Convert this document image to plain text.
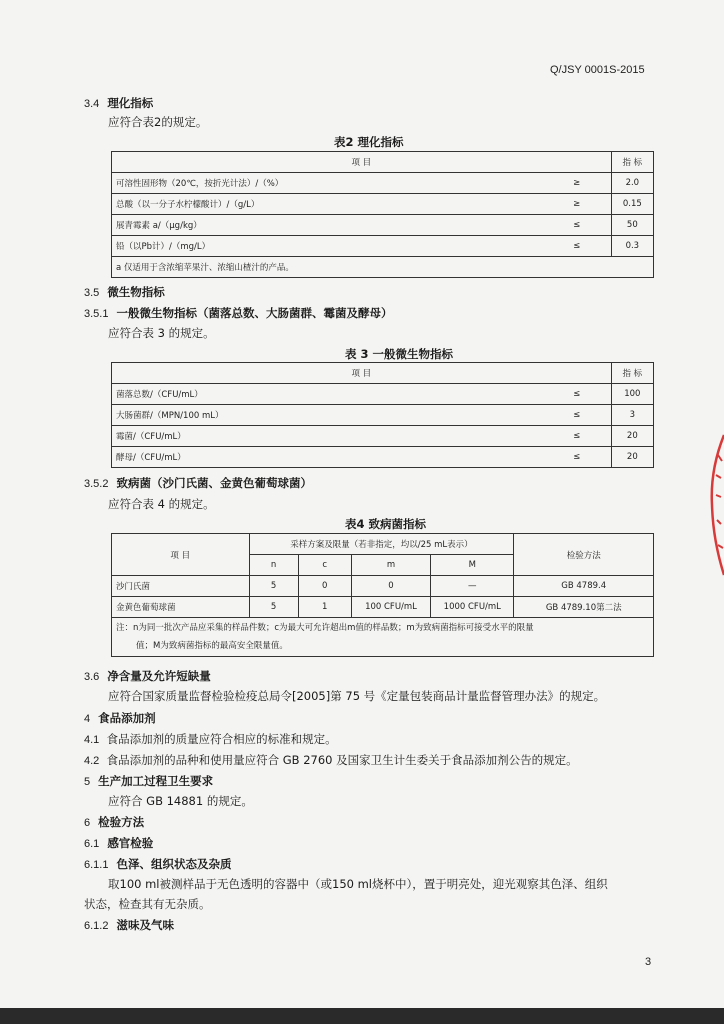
Q/JSY 0001S-2015
3.4 理化指标
应符合表2的规定。
表2 理化指标
项 目		指 标
可溶性固形物（20℃，按折光计法）/（%）	≥	2.0
总酸（以一分子水柠檬酸计）/（g/L）	≥	0.15
展青霉素 a/（μg/kg）	≤	50
铅（以Pb计）/（mg/L）	≤	0.3
a 仅适用于含浓缩苹果汁、浓缩山楂汁的产品。		
3.5 微生物指标
3.5.1 一般微生物指标（菌落总数、大肠菌群、霉菌及酵母）
应符合表 3 的规定。
表 3 一般微生物指标
项 目		指 标
菌落总数/（CFU/mL）	≤	100
大肠菌群/（MPN/100 mL）	≤	3
霉菌/（CFU/mL）	≤	20
酵母/（CFU/mL）	≤	20
3.5.2 致病菌（沙门氏菌、金黄色葡萄球菌）
应符合表 4 的规定。
表4 致病菌指标
项 目	采样方案及限量（若非指定，均以/25 mL表示）				检验方法
	n	c	m	M	
沙门氏菌	5	0	0	—	GB 4789.4
金黄色葡萄球菌	5	1	100 CFU/mL	1000 CFU/mL	GB 4789.10第二法
注：n为同一批次产品应采集的样品件数；c为最大可允许超出m值的样品数；m为致病菌指标可接受水平的限量
值；M为致病菌指标的最高安全限量值。					
3.6 净含量及允许短缺量
应符合国家质量监督检验检疫总局令[2005]第 75 号《定量包装商品计量监督管理办法》的规定。
4 食品添加剂
4.1 食品添加剂的质量应符合相应的标准和规定。
4.2 食品添加剂的品种和使用量应符合 GB 2760 及国家卫生计生委关于食品添加剂公告的规定。
5 生产加工过程卫生要求
应符合 GB 14881 的规定。
6 检验方法
6.1 感官检验
6.1.1 色泽、组织状态及杂质
取100 ml被测样品于无色透明的容器中（或150 ml烧杯中），置于明亮处，迎光观察其色泽、组织
状态，检查其有无杂质。
6.1.2 滋味及气味
3
